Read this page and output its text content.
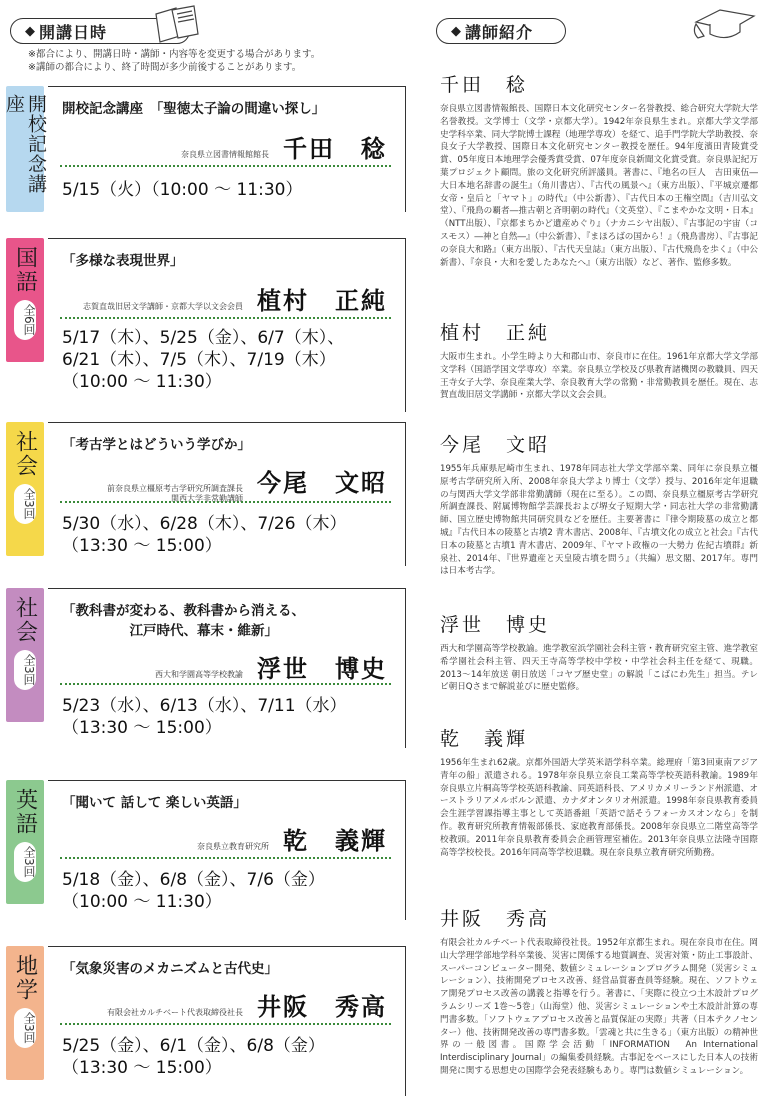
◆ 開講日時	◆ 講師紹介
※都合により、開講日時・講師・内容等を変更する場合があります。
※講師の都合により、終了時間が多少前後することがあります。
開校記念講座	開校記念講座　「聖徳太子論の間違い探し」
奈良県立図書情報館館長 千田　稔
5/15（火）（10:00 ～ 11:30）
国語
全6回
「多様な表現世界」
志賀直哉旧居文学講師・京都大学以文会会員 植村　正純
5/17（木）、5/25（金）、6/7（木）、
6/21（木）、7/5（木）、7/19（木）
（10:00 ～ 11:30）
社会
全3回
「考古学とはどういう学びか」
前奈良県立橿原考古学研究所調査課長
関西大学非常勤講師
今尾　文昭
5/30（水）、6/28（木）、7/26（木）
（13:30 ～ 15:00）
社会
全3回
「教科書が変わる、教科書から消える、
　　　　　江戸時代、幕末・維新」
西大和学園高等学校教諭 浮世　博史
5/23（水）、6/13（水）、7/11（水）
（13:30 ～ 15:00）
英語
全3回
「聞いて 話して 楽しい英語」
奈良県立教育研究所 乾　義輝
5/18（金）、6/8（金）、7/6（金）
（10:00 ～ 11:30）
地学
全3回
「気象災害のメカニズムと古代史」
有限会社カルチベート代表取締役社長 井阪　秀高
5/25（金）、6/1（金）、6/8（金）
（13:30 ～ 15:00）
千田　稔
奈良県立図書情報館長、国際日本文化研究センター名誉教授、総合研究大学院大学名誉教授。文学博士（文学・京都大学）。1942年奈良県生まれ。京都大学文学部史学科卒業、同大学院博士課程（地理学専攻）を経て、追手門学院大学助教授、奈良女子大学教授、国際日本文化研究センター教授を歴任。94年度濱田青陵賞受賞、05年度日本地理学会優秀賞受賞、07年度奈良新聞文化賞受賞。奈良県記紀万葉プロジェクト顧問。旅の文化研究所評議員。著書に、『地名の巨人　吉田東伍―大日本地名辞書の誕生』（角川書店）、『古代の風景へ』（東方出版）、『平城京遷都 女帝・皇后と「ヤマト」の時代』（中公新書）、『古代日本の王権空間』（吉川弘文堂）、『飛鳥の覇者―推古朝と斉明朝の時代』（文英堂）、『こまやかな文明・日本』（NTT出版）、『京都まちかど遺産めぐり』（ナカニシヤ出版）、『古事記の宇宙（コスモス）―神と自然―』（中公新書）、『まほろばの国から！』（飛鳥書房）、『古事記の奈良大和路』（東方出版）、『古代天皇誌』（東方出版）、『古代飛鳥を歩く』（中公新書）、『奈良・大和を愛したあなたへ』（東方出版）など、著作、監修多数。
植村　正純
大阪市生まれ。小学生時より大和郡山市、奈良市に在住。1961年京都大学文学部文学科（国語学国文学専攻）卒業。奈良県立学校及び県教育諸機関の教職員、四天王寺女子大学、奈良産業大学、奈良教育大学の常勤・非常勤教員を歴任。現在、志賀直哉旧居文学講師・京都大学以文会会員。
今尾　文昭
1955年兵庫県尼崎市生まれ、1978年同志社大学文学部卒業、同年に奈良県立橿原考古学研究所入所、2008年奈良大学より博士（文学）授与、2016年定年退職の与関西大学文学部非常勤講師（現在に至る）。この間、奈良県立橿原考古学研究所調査課長、附属博物館学芸課長および堺女子短期大学・同志社大学の非常勤講師、国立歴史博物館共同研究員などを歴任。主要著書に『律令期陵墓の成立と都城』『古代日本の陵墓と古墳2 青木書店、2008年、『古墳文化の成立と社会』『古代日本の陵墓と古墳1 青木書店、2009年、『ヤマト政権の一大勢力 佐紀古墳群』新泉社、2014年、『世界遺産と天皇陵古墳を問う』（共編）思文閣、2017年。専門は日本考古学。
浮世　博史
西大和学園高等学校教諭。進学教室浜学園社会科主管・教育研究室主管、進学教室希学園社会科主管、四天王寺高等学校中学校・中学社会科主任を経て、現職。2013～14年放送 朝日放送「コヤブ歴史堂」の解説「こばにわ先生」担当。テレビ朝日Qさまで解説並びに歴史監修。
乾　義輝
1956年生まれ62歳。京都外国語大学英米語学科卒業。総理府「第3回東南アジア青年の船」派遣される。1978年奈良県立奈良工業高等学校英語科教諭。1989年奈良県立片桐高等学校英語科教諭、同英語科長、アメリカメリーランド州派遣、オーストラリアメルボルン派遣、カナダオンタリオ州派遣。1998年奈良県教育委員会生涯学習課指導主事として英語番組「英語で話そうフォーカスオンなら」を制作。教育研究所教育情報部係長、家庭教育部係長。2008年奈良県立二階堂高等学校教頭。2011年奈良県教育委員会企画管理室補佐。2013年奈良県立法隆寺国際高等学校校長。2016年同高等学校退職。現在奈良県立教育研究所勤務。
井阪　秀高
有限会社カルチベート代表取締役社長。1952年京都生まれ。現在奈良市在住。岡山大学理学部地学科卒業後、災害に関係する地質調査、災害対策・防止工事設計、スーパーコンピューター開発、数値シミュレーションプログラム開発（災害シミュレーション）、技術開発プロセス改善、経営品質審査員等経験。現在、ソフトウェア開発プロセス改善の講義と指導を行う。著書に、「実際に役立つ土木設計プログラムシリーズ 1巻～5巻」（山海堂）他、災害シミュレーションや土木設計計算の専門書多数。「ソフトウェアプロセス改善と品質保証の実際」共著（日本テクノセンター）他、技術開発改善の専門書多数。「雲魂と共に生きる」（東方出版）の精神世界の一般図書。国際学会活動「INFORMATION　An International Interdisciplinary Journal」の編集委員経験。古事記をベースにした日本人の技術開発に関する思想史の国際学会発表経験もあり。専門は数値シミュレーション。
